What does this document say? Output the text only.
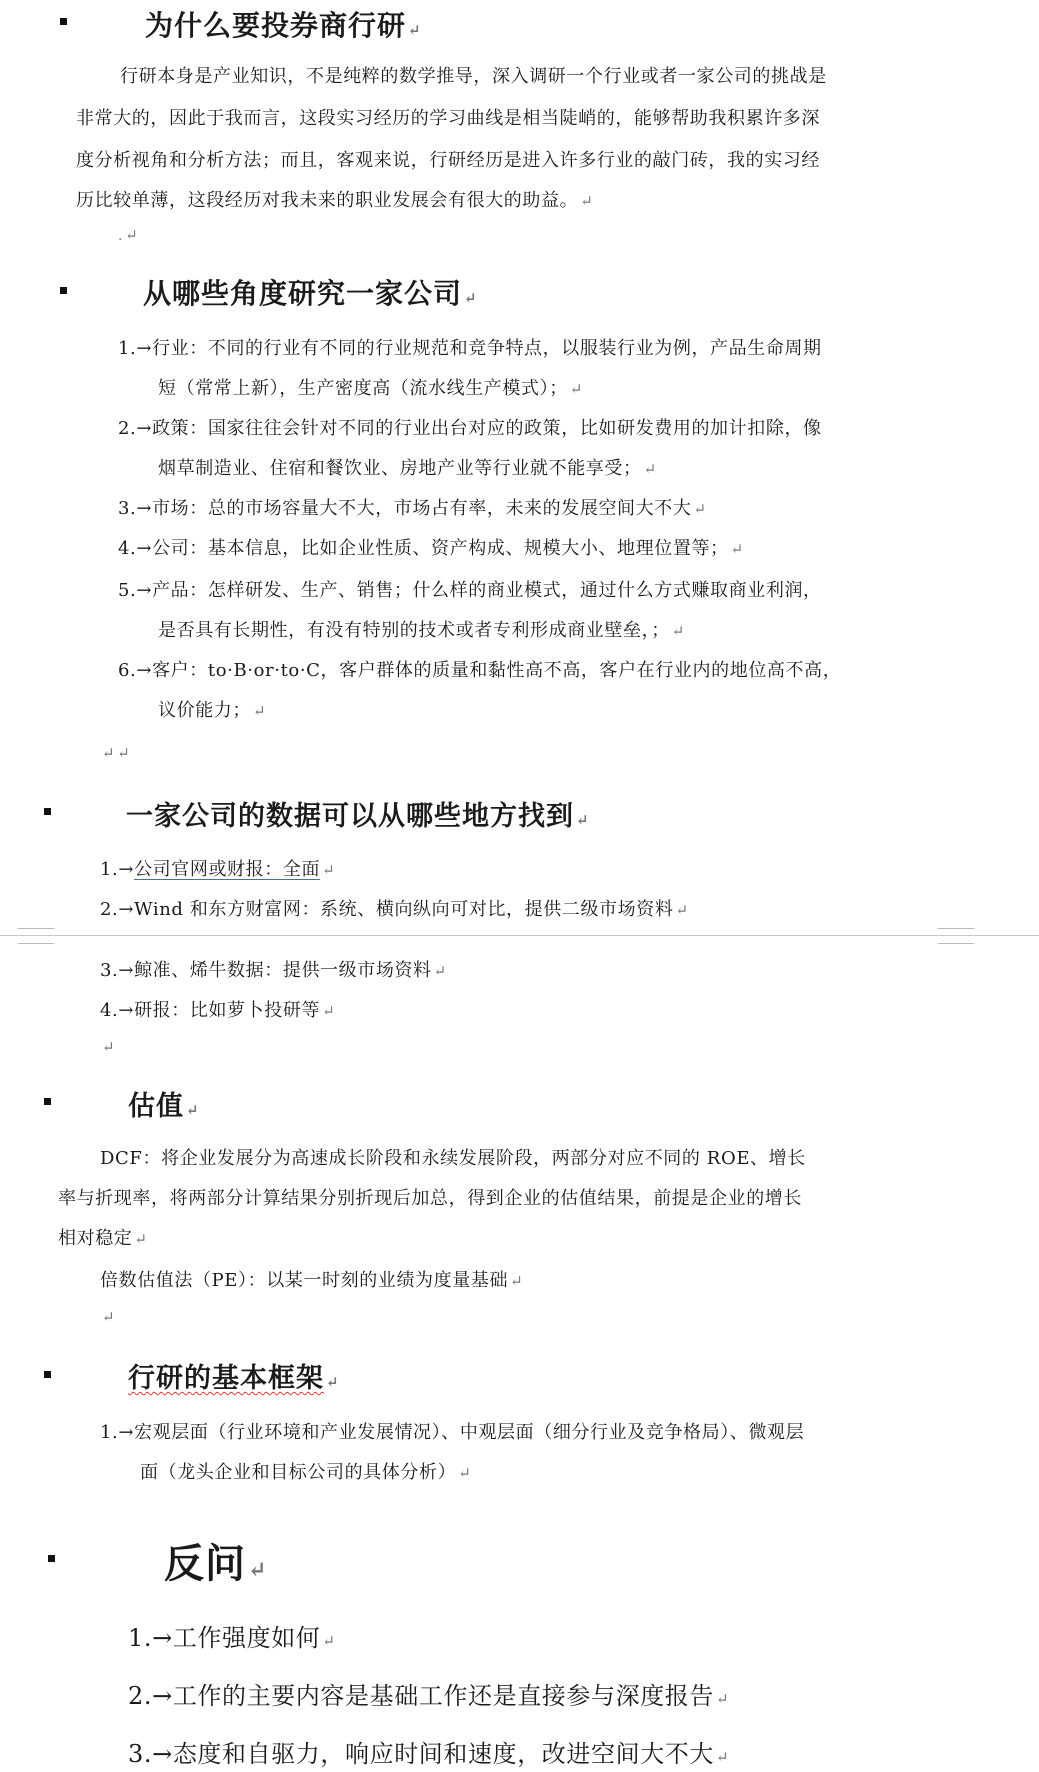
为什么要投券商行研 ↵
行研本身是产业知识，不是纯粹的数学推导，深入调研一个行业或者一家公司的挑战是
非常大的，因此于我而言，这段实习经历的学习曲线是相当陡峭的，能够帮助我积累许多深
度分析视角和分析方法；而且，客观来说，行研经历是进入许多行业的敲门砖，我的实习经
历比较单薄，这段经历对我未来的职业发展会有很大的助益。 ↵
. ↵
从哪些角度研究一家公司 ↵
1.→行业：不同的行业有不同的行业规范和竞争特点，以服装行业为例，产品生命周期
短（常常上新），生产密度高（流水线生产模式）； ↵
2.→政策：国家往往会针对不同的行业出台对应的政策，比如研发费用的加计扣除，像
烟草制造业、住宿和餐饮业、房地产业等行业就不能享受； ↵
3.→市场：总的市场容量大不大，市场占有率，未来的发展空间大不大 ↵
4.→公司：基本信息，比如企业性质、资产构成、规模大小、地理位置等； ↵
5.→产品：怎样研发、生产、销售；什么样的商业模式，通过什么方式赚取商业利润，
是否具有长期性，有没有特别的技术或者专利形成商业壁垒，； ↵
6.→客户：to·B·or·to·C，客户群体的质量和黏性高不高，客户在行业内的地位高不高，
议价能力； ↵
↵ ↵
一家公司的数据可以从哪些地方找到 ↵
1.→公司官网或财报：全面 ↵
2.→Wind 和东方财富网：系统、横向纵向可对比，提供二级市场资料 ↵
3.→鲸准、烯牛数据：提供一级市场资料 ↵
4.→研报：比如萝卜投研等 ↵
↵
估值 ↵
DCF：将企业发展分为高速成长阶段和永续发展阶段，两部分对应不同的 ROE、增长
率与折现率，将两部分计算结果分别折现后加总，得到企业的估值结果，前提是企业的增长
相对稳定 ↵
倍数估值法（PE）：以某一时刻的业绩为度量基础 ↵
↵
行研的基本框架 ↵
1.→宏观层面（行业环境和产业发展情况）、中观层面（细分行业及竞争格局）、微观层
面（龙头企业和目标公司的具体分析） ↵
反问↵
1.→工作强度如何 ↵
2.→工作的主要内容是基础工作还是直接参与深度报告 ↵
3.→态度和自驱力，响应时间和速度，改进空间大不大 ↵
